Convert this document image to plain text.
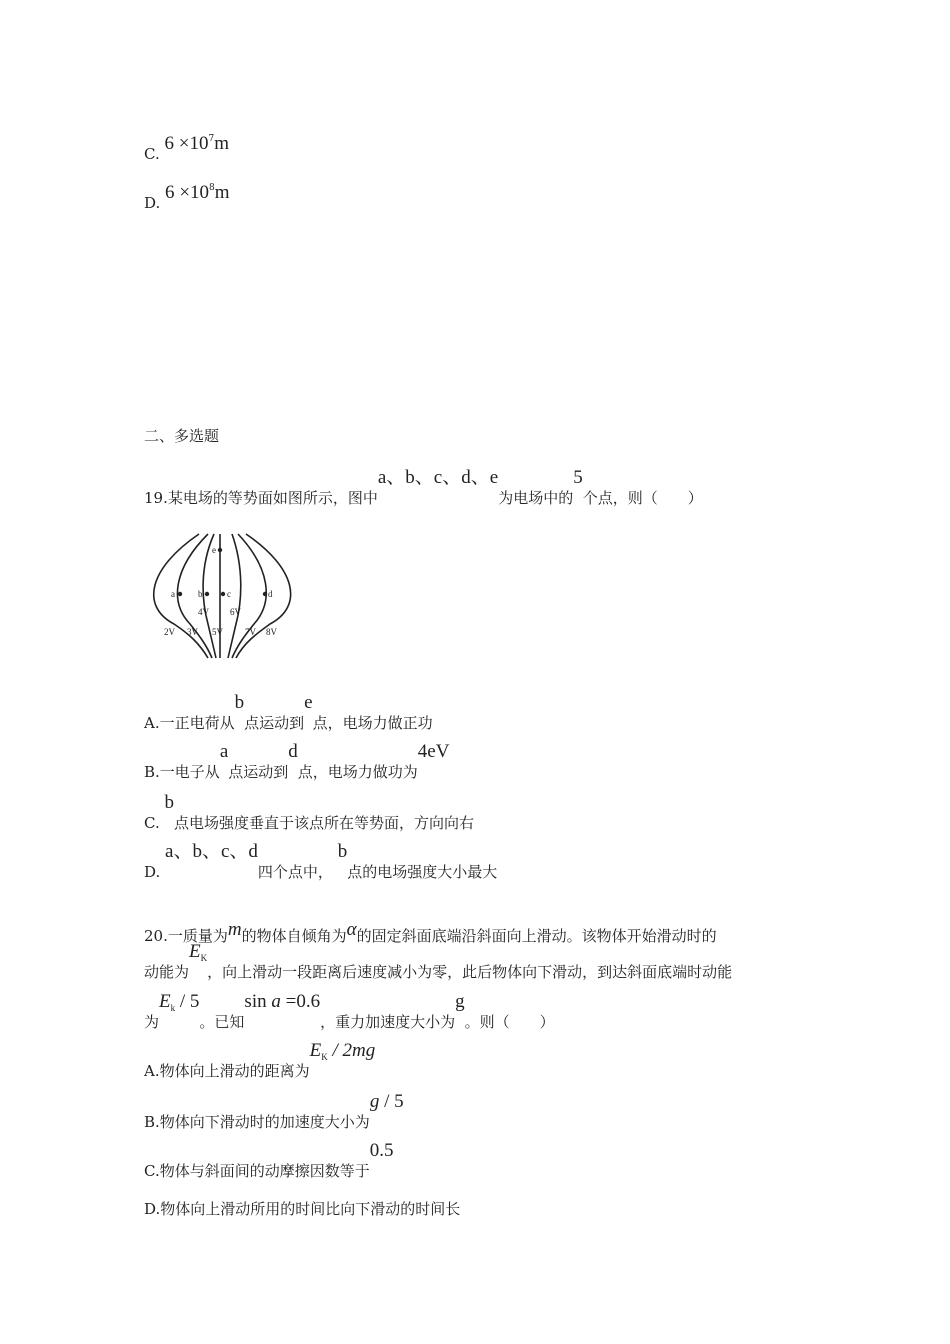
C. $6 \times 10^7m$
D. $6 \times 10^8m$
二、多选题
19.某电场的等势面如图所示，图中a、b、c、d、e为电场中的5个点，则（　　）
a	b	c	d
e
4V 6V
2V 3V 5V 7V 8V
A.一正电荷从b点运动到e点，电场力做正功
B.一电子从a点运动到d点，电场力做功为4eV
C. b点电场强度垂直于该点所在等势面，方向向右
D. a、b、c、d四个点中， b点的电场强度大小最大
20.一质量为m的物体自倾角为α的固定斜面底端沿斜面向上滑动。该物体开始滑动时的
动能为$E_K$，向上滑动一段距离后速度减小为零，此后物体向下滑动，到达斜面底端时动能
为$E_k / 5$。已知sin a =0.6，重力加速度大小为g。则（　　）
A.物体向上滑动的距离为$E_K / 2mg$
B.物体向下滑动时的加速度大小为g / 5
C.物体与斜面间的动摩擦因数等于0.5
D.物体向上滑动所用的时间比向下滑动的时间长
